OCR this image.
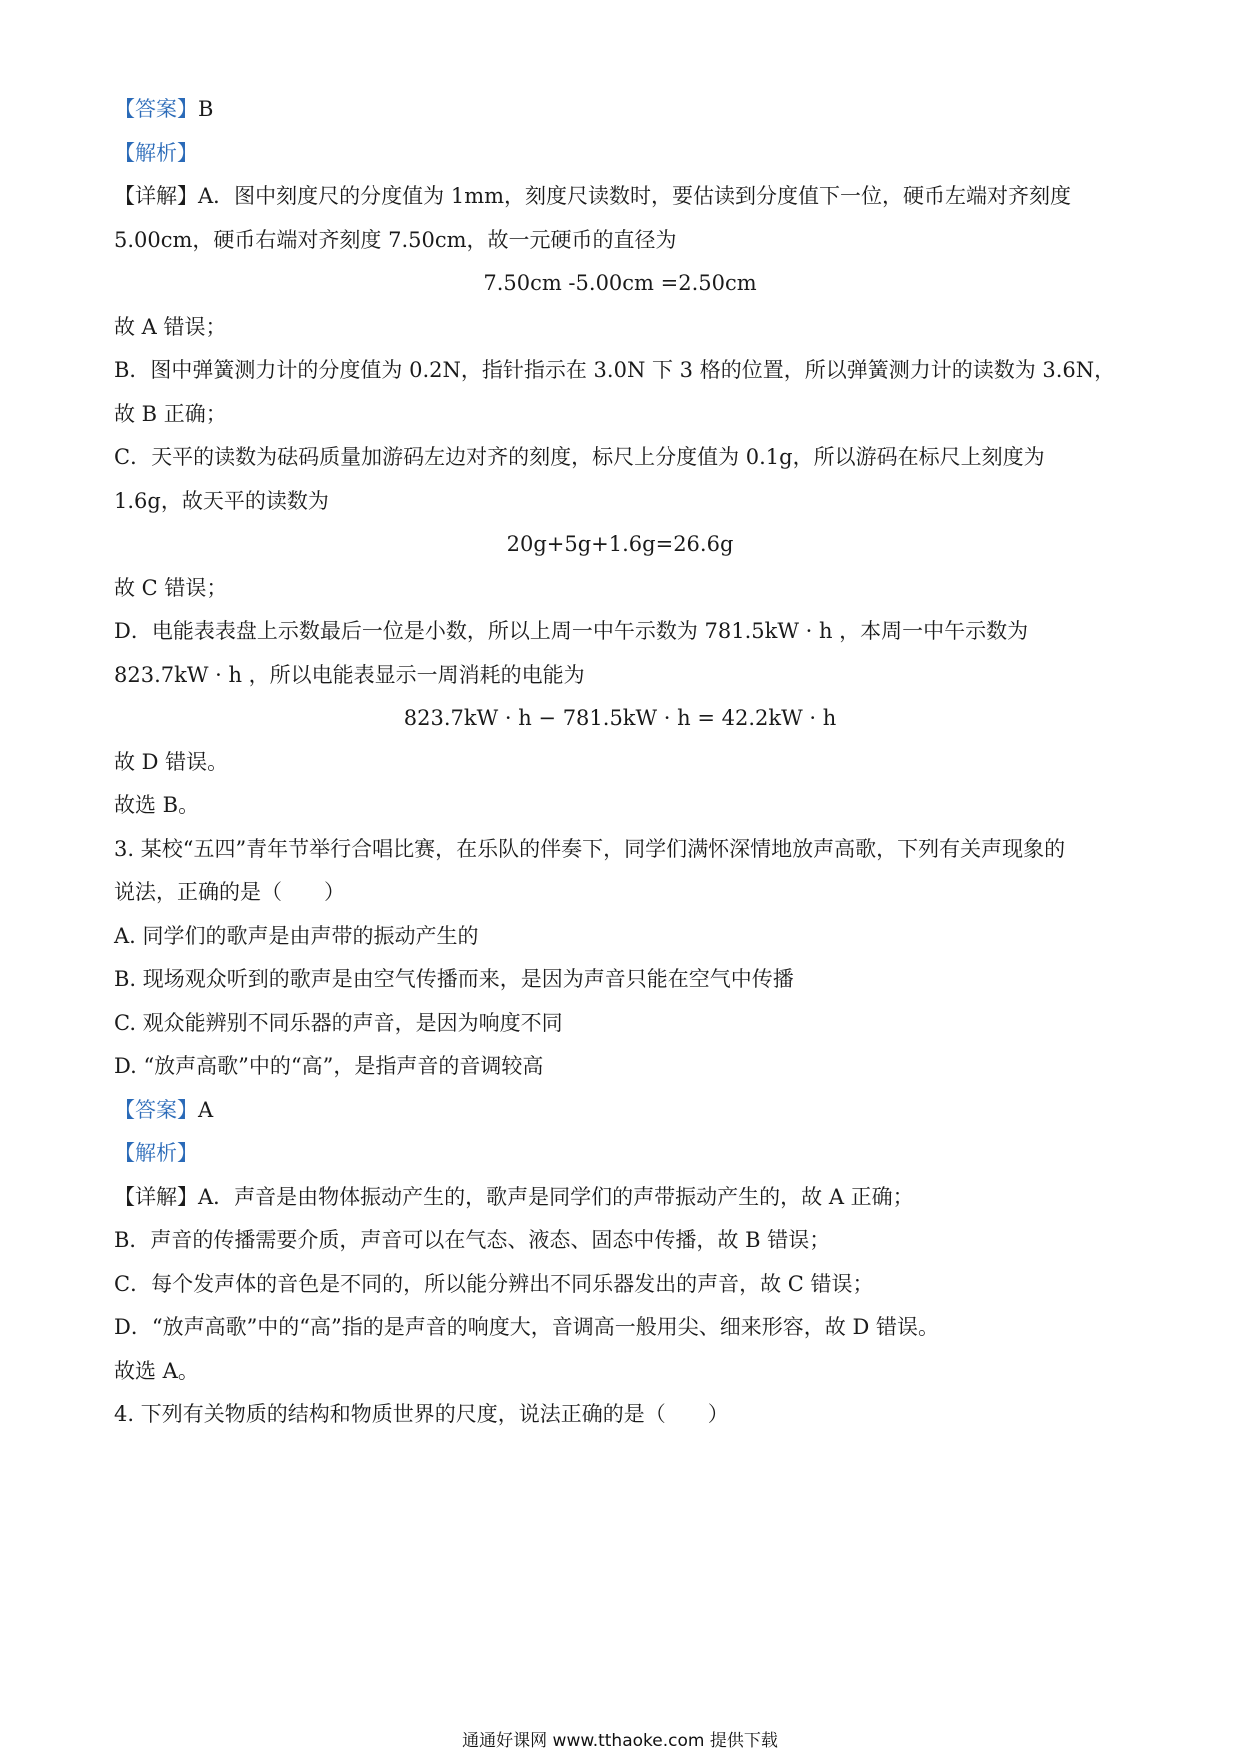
【答案】B
【解析】
【详解】A．图中刻度尺的分度值为 1mm，刻度尺读数时，要估读到分度值下一位，硬币左端对齐刻度
5.00cm，硬币右端对齐刻度 7.50cm，故一元硬币的直径为
7.50cm -5.00cm =2.50cm
故 A 错误；
B．图中弹簧测力计的分度值为 0.2N，指针指示在 3.0N 下 3 格的位置，所以弹簧测力计的读数为 3.6N，
故 B 正确；
C．天平的读数为砝码质量加游码左边对齐的刻度，标尺上分度值为 0.1g，所以游码在标尺上刻度为
1.6g，故天平的读数为
20g+5g+1.6g=26.6g
故 C 错误；
D．电能表表盘上示数最后一位是小数，所以上周一中午示数为 781.5kW · h ，本周一中午示数为
823.7kW · h ，所以电能表显示一周消耗的电能为
823.7kW · h − 781.5kW · h = 42.2kW · h
故 D 错误。
故选 B。
3. 某校“五四”青年节举行合唱比赛，在乐队的伴奏下，同学们满怀深情地放声高歌，下列有关声现象的
说法，正确的是（　　）
A. 同学们的歌声是由声带的振动产生的
B. 现场观众听到的歌声是由空气传播而来，是因为声音只能在空气中传播
C. 观众能辨别不同乐器的声音，是因为响度不同
D. “放声高歌”中的“高”，是指声音的音调较高
【答案】A
【解析】
【详解】A．声音是由物体振动产生的，歌声是同学们的声带振动产生的，故 A 正确；
B．声音的传播需要介质，声音可以在气态、液态、固态中传播，故 B 错误；
C．每个发声体的音色是不同的，所以能分辨出不同乐器发出的声音，故 C 错误；
D．“放声高歌”中的“高”指的是声音的响度大，音调高一般用尖、细来形容，故 D 错误。
故选 A。
4. 下列有关物质的结构和物质世界的尺度，说法正确的是（　　）
通通好课网 www.tthaoke.com 提供下载
